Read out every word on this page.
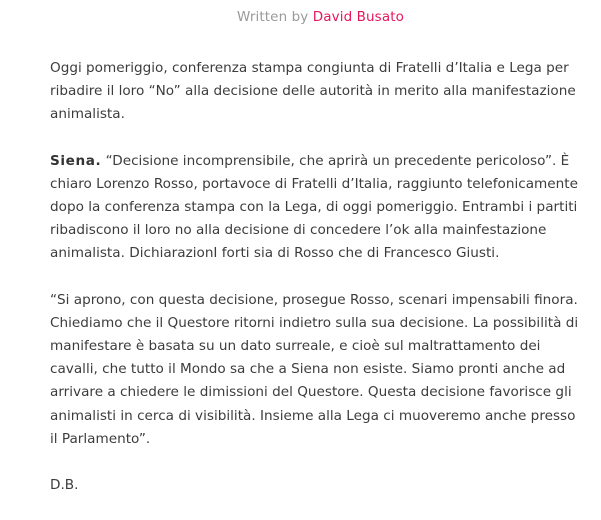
Written by David Busato

Oggi pomeriggio, conferenza stampa congiunta di Fratelli d’Italia e Lega per ribadire il loro “No” alla decisione delle autorità in merito alla manifestazione animalista.

Siena. “Decisione incomprensibile, che aprirà un precedente pericoloso”. È chiaro Lorenzo Rosso, portavoce di Fratelli d’Italia, raggiunto telefonicamente dopo la conferenza stampa con la Lega, di oggi pomeriggio. Entrambi i partiti ribadiscono il loro no alla decisione di concedere l’ok alla mainfestazione animalista. DichiarazionI forti sia di Rosso che di Francesco Giusti.

“Si aprono, con questa decisione, prosegue Rosso, scenari impensabili finora. Chiediamo che il Questore ritorni indietro sulla sua decisione. La possibilità di manifestare è basata su un dato surreale, e cioè sul maltrattamento dei cavalli, che tutto il Mondo sa che a Siena non esiste. Siamo pronti anche ad arrivare a chiedere le dimissioni del Questore. Questa decisione favorisce gli animalisti in cerca di visibilità. Insieme alla Lega ci muoveremo anche presso il Parlamento”.

D.B.
